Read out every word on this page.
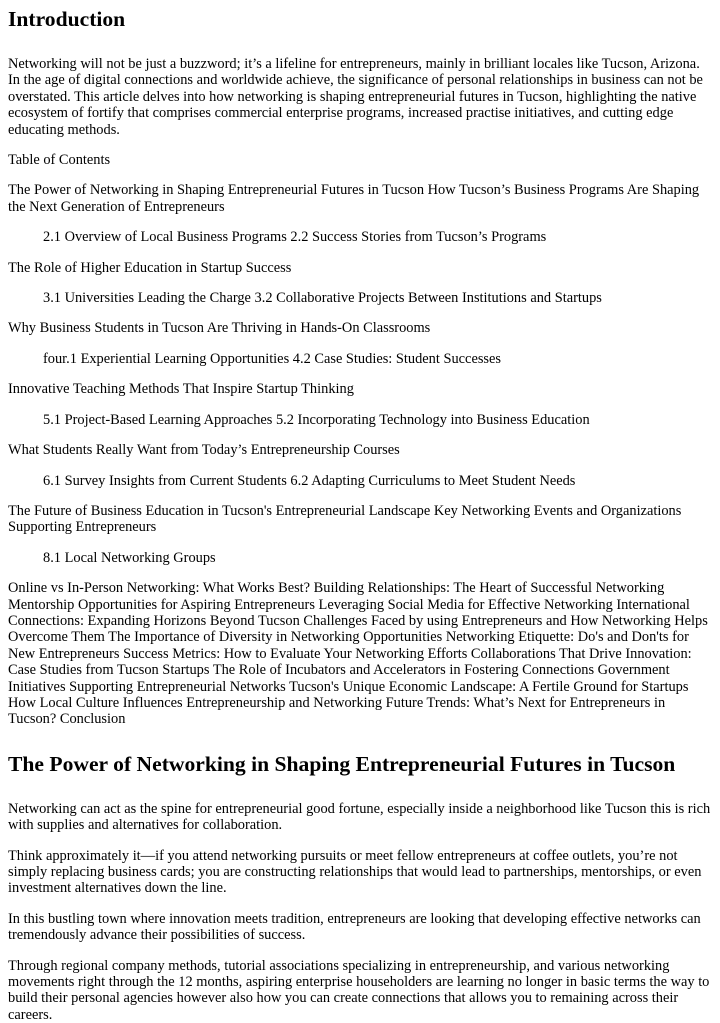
Introduction

Networking will not be just a buzzword; it’s a lifeline for entrepreneurs, mainly in brilliant locales like Tucson, Arizona. In the age of digital connections and worldwide achieve, the significance of personal relationships in business can not be overstated. This article delves into how networking is shaping entrepreneurial futures in Tucson, highlighting the native ecosystem of fortify that comprises commercial enterprise programs, increased practise initiatives, and cutting edge educating methods.

Table of Contents

The Power of Networking in Shaping Entrepreneurial Futures in Tucson How Tucson’s Business Programs Are Shaping the Next Generation of Entrepreneurs

2.1 Overview of Local Business Programs 2.2 Success Stories from Tucson’s Programs

The Role of Higher Education in Startup Success

3.1 Universities Leading the Charge 3.2 Collaborative Projects Between Institutions and Startups

Why Business Students in Tucson Are Thriving in Hands-On Classrooms

four.1 Experiential Learning Opportunities 4.2 Case Studies: Student Successes

Innovative Teaching Methods That Inspire Startup Thinking

5.1 Project-Based Learning Approaches 5.2 Incorporating Technology into Business Education

What Students Really Want from Today’s Entrepreneurship Courses

6.1 Survey Insights from Current Students 6.2 Adapting Curriculums to Meet Student Needs

The Future of Business Education in Tucson's Entrepreneurial Landscape Key Networking Events and Organizations Supporting Entrepreneurs

8.1 Local Networking Groups

Online vs In-Person Networking: What Works Best? Building Relationships: The Heart of Successful Networking Mentorship Opportunities for Aspiring Entrepreneurs Leveraging Social Media for Effective Networking International Connections: Expanding Horizons Beyond Tucson Challenges Faced by using Entrepreneurs and How Networking Helps Overcome Them The Importance of Diversity in Networking Opportunities Networking Etiquette: Do's and Don'ts for New Entrepreneurs Success Metrics: How to Evaluate Your Networking Efforts Collaborations That Drive Innovation: Case Studies from Tucson Startups The Role of Incubators and Accelerators in Fostering Connections Government Initiatives Supporting Entrepreneurial Networks Tucson's Unique Economic Landscape: A Fertile Ground for Startups How Local Culture Influences Entrepreneurship and Networking Future Trends: What’s Next for Entrepreneurs in Tucson? Conclusion

The Power of Networking in Shaping Entrepreneurial Futures in Tucson

Networking can act as the spine for entrepreneurial good fortune, especially inside a neighborhood like Tucson this is rich with supplies and alternatives for collaboration.

Think approximately it—if you attend networking pursuits or meet fellow entrepreneurs at coffee outlets, you’re not simply replacing business cards; you are constructing relationships that would lead to partnerships, mentorships, or even investment alternatives down the line.

In this bustling town where innovation meets tradition, entrepreneurs are looking that developing effective networks can tremendously advance their possibilities of success.

Through regional company methods, tutorial associations specializing in entrepreneurship, and various networking movements right through the 12 months, aspiring enterprise householders are learning no longer in basic terms the way to build their personal agencies however also how you can create connections that allows you to remaining across their careers.
